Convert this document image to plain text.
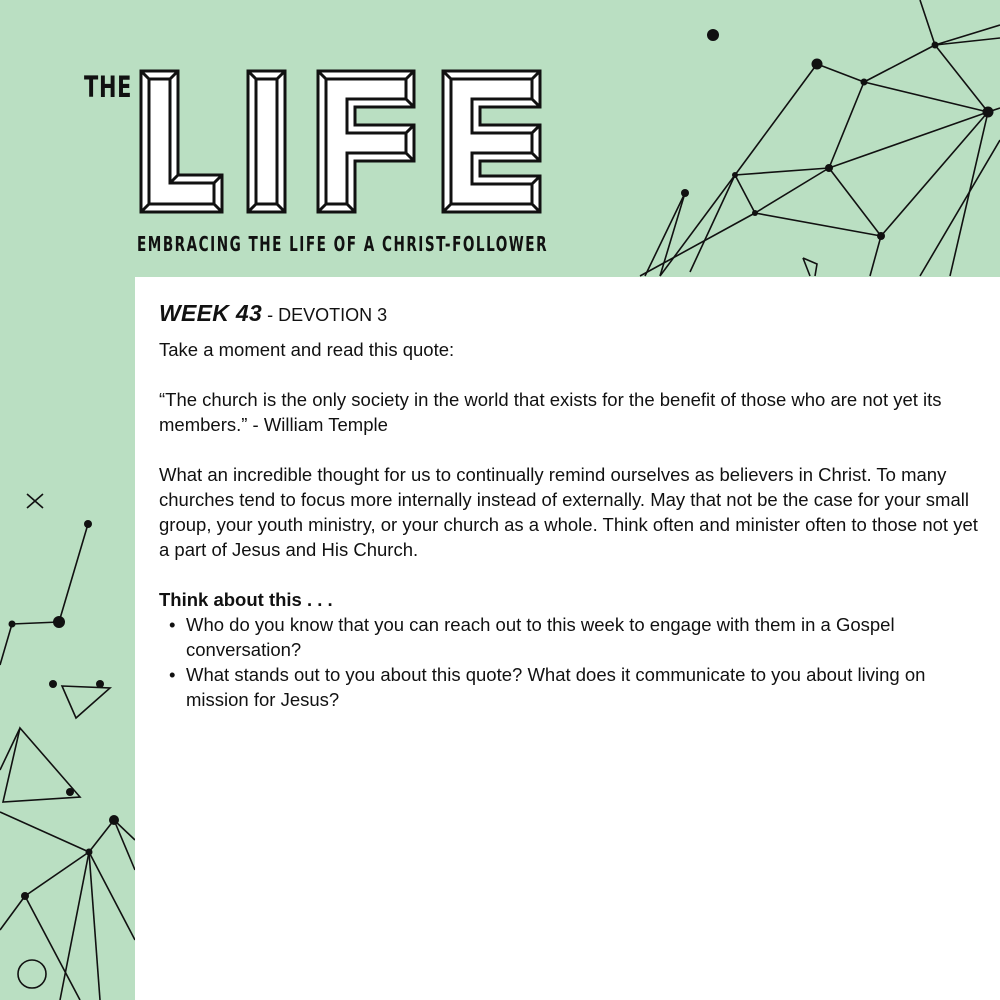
THE
EMBRACING THE LIFE OF A CHRIST-FOLLOWER
WEEK 43 - DEVOTION 3

Take a moment and read this quote:

“The church is the only society in the world that exists for the benefit of those who are not yet its members.” - William Temple

What an incredible thought for us to continually remind ourselves as believers in Christ. To many churches tend to focus more internally instead of externally. May that not be the case for your small group, your youth ministry, or your church as a whole. Think often and minister often to those not yet a part of Jesus and His Church.

Think about this . . .
• Who do you know that you can reach out to this week to engage with them in a Gospel conversation?
• What stands out to you about this quote? What does it communicate to you about living on mission for Jesus?
